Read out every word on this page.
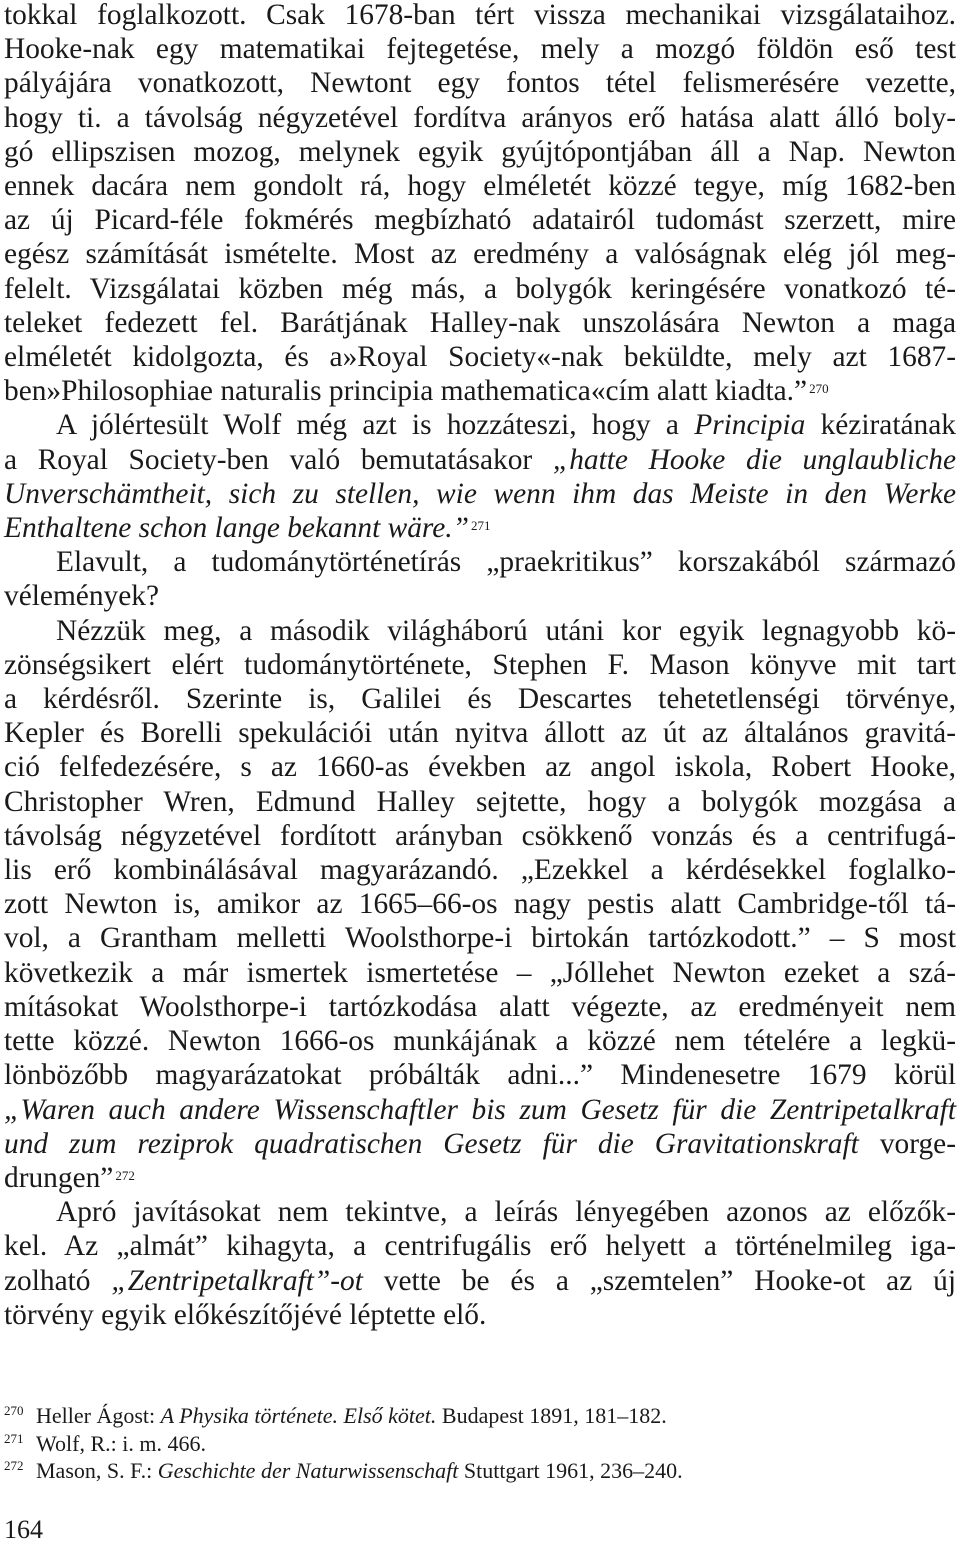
tokkal foglalkozott. Csak 1678-ban tért vissza mechanikai vizsgálataihoz.
Hooke-nak egy matematikai fejtegetése, mely a mozgó földön eső test
pályájára vonatkozott, Newtont egy fontos tétel felismerésére vezette,
hogy ti. a távolság négyzetével fordítva arányos erő hatása alatt álló boly-
gó ellipszisen mozog, melynek egyik gyújtópontjában áll a Nap. Newton
ennek dacára nem gondolt rá, hogy elméletét közzé tegye, míg 1682-ben
az új Picard-féle fokmérés megbízható adatairól tudomást szerzett, mire
egész számítását ismételte. Most az eredmény a valóságnak elég jól meg-
felelt. Vizsgálatai közben még más, a bolygók keringésére vonatkozó té-
teleket fedezett fel. Barátjának Halley-nak unszolására Newton a maga
elméletét kidolgozta, és a»Royal Society«-nak beküldte, mely azt 1687-
ben»Philosophiae naturalis principia mathematica«cím alatt kiadta.” $^{270}$

A jólértesült Wolf még azt is hozzáteszi, hogy a Principia kéziratának
a Royal Society-ben való bemutatásakor „hatte Hooke die unglaubliche
Unverschämtheit, sich zu stellen, wie wenn ihm das Meiste in den Werke
Enthaltene schon lange bekannt wäre.” $^{271}$

Elavult, a tudománytörténetírás „praekritikus” korszakából származó
vélemények?

Nézzük meg, a második világháború utáni kor egyik legnagyobb kö-
zönségsikert elért tudománytörténete, Stephen F. Mason könyve mit tart
a kérdésről. Szerinte is, Galilei és Descartes tehetetlenségi törvénye,
Kepler és Borelli spekulációi után nyitva állott az út az általános gravitá-
ció felfedezésére, s az 1660-as években az angol iskola, Robert Hooke,
Christopher Wren, Edmund Halley sejtette, hogy a bolygók mozgása a
távolság négyzetével fordított arányban csökkenő vonzás és a centrifugá-
lis erő kombinálásával magyarázandó. „Ezekkel a kérdésekkel foglalko-
zott Newton is, amikor az 1665–66-os nagy pestis alatt Cambridge-től tá-
vol, a Grantham melletti Woolsthorpe-i birtokán tartózkodott.” – S most
következik a már ismertek ismertetése – „Jóllehet Newton ezeket a szá-
mításokat Woolsthorpe-i tartózkodása alatt végezte, az eredményeit nem
tette közzé. Newton 1666-os munkájának a közzé nem tételére a legkü-
lönbözőbb magyarázatokat próbálták adni...” Mindenesetre 1679 körül
„Waren auch andere Wissenschaftler bis zum Gesetz für die Zentripetalkraft
und zum reziprok quadratischen Gesetz für die Gravitationskraft vorge-
drungen” $^{272}$

Apró javításokat nem tekintve, a leírás lényegében azonos az előzők-
kel. Az „almát” kihagyta, a centrifugális erő helyett a történelmileg iga-
zolható „Zentripetalkraft”-ot vette be és a „szemtelen” Hooke-ot az új
törvény egyik előkészítőjévé léptette elő.

270 Heller Ágost: A Physika története. Első kötet. Budapest 1891, 181–182.
271 Wolf, R.: i. m. 466.
272 Mason, S. F.: Geschichte der Naturwissenschaft Stuttgart 1961, 236–240.
164
